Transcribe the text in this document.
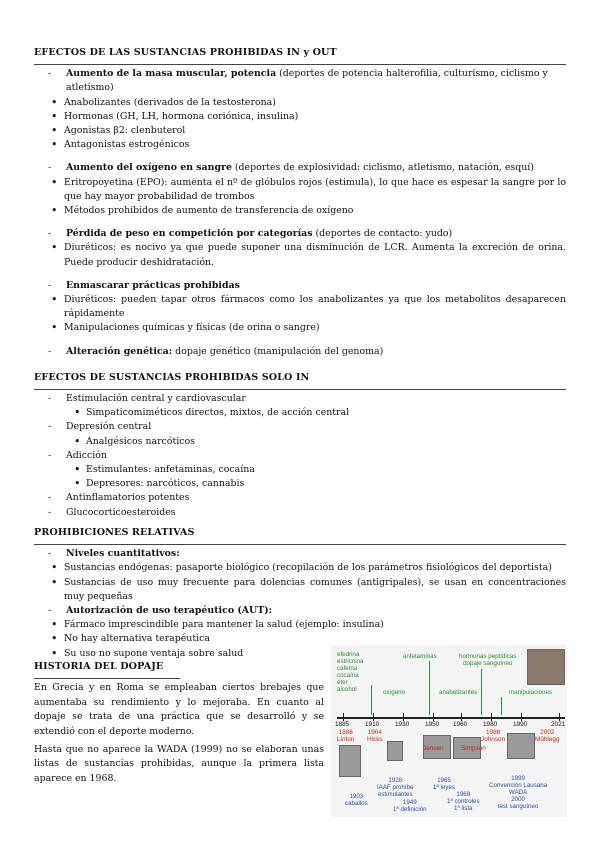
EFECTOS DE LAS SUSTANCIAS PROHIBIDAS IN y OUT
- Aumento de la masa muscular, potencia (deportes de potencia halterofilia, culturismo, ciclismo y atletismo)
• Anabolizantes (derivados de la testosterona)
• Hormonas (GH, LH, hormona coriónica, insulina)
• Agonistas β2: clenbuterol
• Antagonistas estrogénicos
- Aumento del oxígeno en sangre (deportes de explosividad: ciclismo, atletismo, natación, esquí)
• Eritropoyetina (EPO): aumenta el nº de glóbulos rojos (estimula), lo que hace es espesar la sangre por lo que hay mayor probabilidad de trombos
• Métodos prohibidos de aumento de transferencia de oxígeno
- Pérdida de peso en competición por categorías (deportes de contacto: yudo)
• Diuréticos: es nocivo ya que puede suponer una disminución de LCR. Aumenta la excreción de orina. Puede producir deshidratación.
- Enmascarar prácticas prohibidas
• Diuréticos: pueden tapar otros fármacos como los anabolizantes ya que los metabolitos desaparecen rápidamente
• Manipulaciones químicas y físicas (de orina o sangre)
- Alteración genética: dopaje genético (manipulación del genoma)
EFECTOS DE SUSTANCIAS PROHIBIDAS SOLO IN
- Estimulación central y cardiovascular
• Simpaticomiméticos directos, mixtos, de acción central
- Depresión central
• Analgésicos narcóticos
- Adicción
• Estimulantes: anfetaminas, cocaína
• Depresores: narcóticos, cannabis
- Antinflamatorios potentes
- Glucocorticoesteroides
PROHIBICIONES RELATIVAS
- Niveles cuantitativos:
• Sustancias endógenas: pasaporte biológico (recopilación de los parámetros fisiológicos del deportista)
• Sustancias de uso muy frecuente para dolencias comunes (antigripales), se usan en concentraciones muy pequeñas
- Autorización de uso terapéutico (AUT):
• Fármaco imprescindible para mantener la salud (ejemplo: insulina)
• No hay alternativa terapéutica
• Su uso no supone ventaja sobre salud
HISTORIA DEL DOPAJE

En Grecia y en Roma se empleaban ciertos brebajes que aumentaba su rendimiento y lo mejoraba. En cuanto al dopaje se trata de una práctica que se desarrolló y se extendió con el deporte moderno.

Hasta que no aparece la WADA (1999) no se elaboran unas listas de sustancias prohibidas, aunque la primera lista aparece en 1968.

efedrina
estricnina
cafeína
cocaína
éter
alcohol	oxígeno
anfetaminas
anabolizantes
hormonas peptídicas
dopaje sanguíneo
manipulaciones
1885 1910 1930 1950 1960 1980 1990	2021
1886
Linton
1904
Hicks
Jensen	Simpson
1988
Johnson
2002
Mühlegg
1903
caballos
1928
IAAF prohíbe
estimulantes
1949
1ª definición
1965
1ª leyes
1968
1ª controles
1ª lista
1999
Convención Lausana
WADA
2000
test sanguíneo
